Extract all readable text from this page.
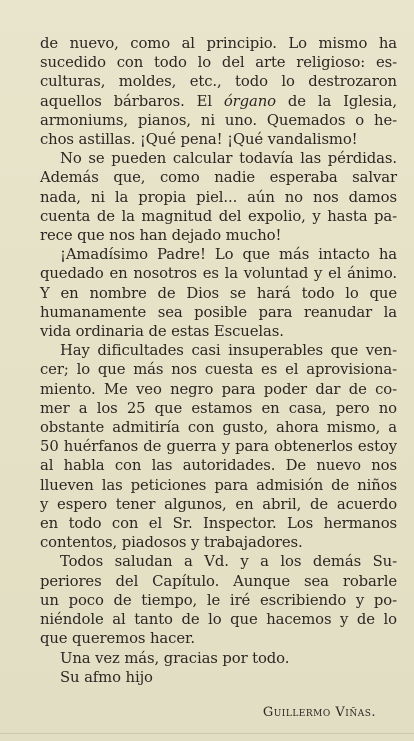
de nuevo, como al principio. Lo mismo ha
sucedido con todo lo del arte religioso: es-
culturas, moldes, etc., todo lo destrozaron
aquellos bárbaros. El órgano de la Iglesia,
armoniums, pianos, ni uno. Quemados o he-
chos astillas. ¡Qué pena! ¡Qué vandalismo!
No se pueden calcular todavía las pérdidas.
Además que, como nadie esperaba salvar
nada, ni la propia piel... aún no nos damos
cuenta de la magnitud del expolio, y hasta pa-
rece que nos han dejado mucho!
¡Amadísimo Padre! Lo que más intacto ha
quedado en nosotros es la voluntad y el ánimo.
Y en nombre de Dios se hará todo lo que
humanamente sea posible para reanudar la
vida ordinaria de estas Escuelas.
Hay dificultades casi insuperables que ven-
cer; lo que más nos cuesta es el aprovisiona-
miento. Me veo negro para poder dar de co-
mer a los 25 que estamos en casa, pero no
obstante admitiría con gusto, ahora mismo, a
50 huérfanos de guerra y para obtenerlos estoy
al habla con las autoridades. De nuevo nos
llueven las peticiones para admisión de niños
y espero tener algunos, en abril, de acuerdo
en todo con el Sr. Inspector. Los hermanos
contentos, piadosos y trabajadores.
Todos saludan a Vd. y a los demás Su-
periores del Capítulo. Aunque sea robarle
un poco de tiempo, le iré escribiendo y po-
niéndole al tanto de lo que hacemos y de lo
que queremos hacer.
Una vez más, gracias por todo.
Su afmo hijo
Guillermo Viñas.
